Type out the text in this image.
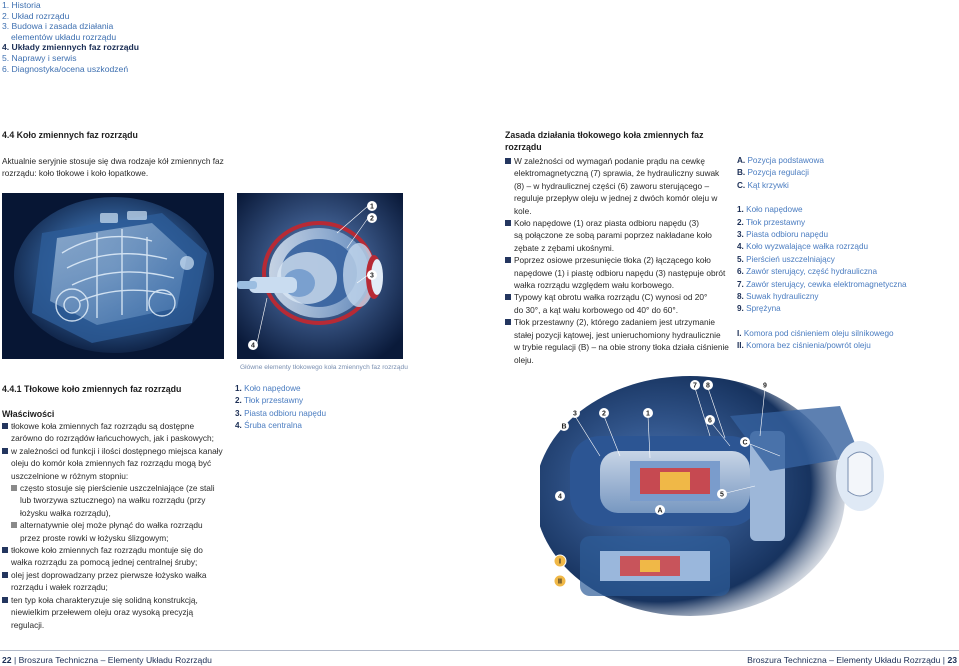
1. Historia
2. Układ rozrządu
3. Budowa i zasada działania
elementów układu rozrządu
4. Układy zmiennych faz rozrządu
5. Naprawy i serwis
6. Diagnostyka/ocena uszkodzeń
4.4 Koło zmiennych faz rozrządu
Aktualnie seryjnie stosuje się dwa rodzaje kół zmiennych faz
rozrządu: koło tłokowe i koło łopatkowe.
1
2
3
4
Główne elementy tłokowego koła zmiennych faz rozrządu
4.4.1 Tłokowe koło zmiennych faz rozrządu
Właściwości
tłokowe koła zmiennych faz rozrządu są dostępne
zarówno do rozrządów łańcuchowych, jak i paskowych;
w zależności od funkcji i ilości dostępnego miejsca kanały
oleju do komór koła zmiennych faz rozrządu mogą być
uszczelnione w różnym stopniu:
często stosuje się pierścienie uszczelniające (ze stali
lub tworzywa sztucznego) na wałku rozrządu (przy
łożysku wałka rozrządu),
alternatywnie olej może płynąć do wałka rozrządu
przez proste rowki w łożysku ślizgowym;
tłokowe koło zmiennych faz rozrządu montuje się do
wałka rozrządu za pomocą jednej centralnej śruby;
olej jest doprowadzany przez pierwsze łożysko wałka
rozrządu i wałek rozrządu;
ten typ koła charakteryzuje się solidną konstrukcją,
niewielkim przełewem oleju oraz wysoką precyzją
regulacji.
1. Koło napędowe
2. Tłok przestawny
3. Piasta odbioru napędu
4. Śruba centralna
Zasada działania tłokowego koła zmiennych faz
rozrządu
W zależności od wymagań podanie prądu na cewkę
elektromagnetyczną (7) sprawia, że hydrauliczny suwak
(8) – w hydraulicznej części (6) zaworu sterującego –
reguluje przepływ oleju w jednej z dwóch komór oleju w
kole.
Koło napędowe (1) oraz piasta odbioru napędu (3)
są połączone ze sobą parami poprzez nakładane koło
zębate z zębami ukośnymi.
Poprzez osiowe przesunięcie tłoka (2) łączącego koło
napędowe (1) i piastę odbioru napędu (3) następuje obrót
wałka rozrządu względem wału korbowego.
Typowy kąt obrotu wałka rozrządu (C) wynosi od 20°
do 30°, a kąt wału korbowego od 40° do 60°.
Tłok przestawny (2), którego zadaniem jest utrzymanie
stałej pozycji kątowej, jest unieruchomiony hydraulicznie
w trybie regulacji (B) – na obie strony tłoka działa ciśnienie
oleju.
A. Pozycja podstawowa
B. Pozycja regulacji
C. Kąt krzywki
1. Koło napędowe
2. Tłok przestawny
3. Piasta odbioru napędu
4. Koło wyzwalające wałka rozrządu
5. Pierścień uszczelniający
6. Zawór sterujący, część hydrauliczna
7. Zawór sterujący, cewka elektromagnetyczna
8. Suwak hydrauliczny
9. Sprężyna
I. Komora pod ciśnieniem oleju silnikowego
II. Komora bez ciśnienia/powrót oleju
7 8	9
3	2	1
B
6
C
5
4
A
I
II
22 | Broszura Techniczna – Elementy Układu Rozrządu	Broszura Techniczna – Elementy Układu Rozrządu | 23
